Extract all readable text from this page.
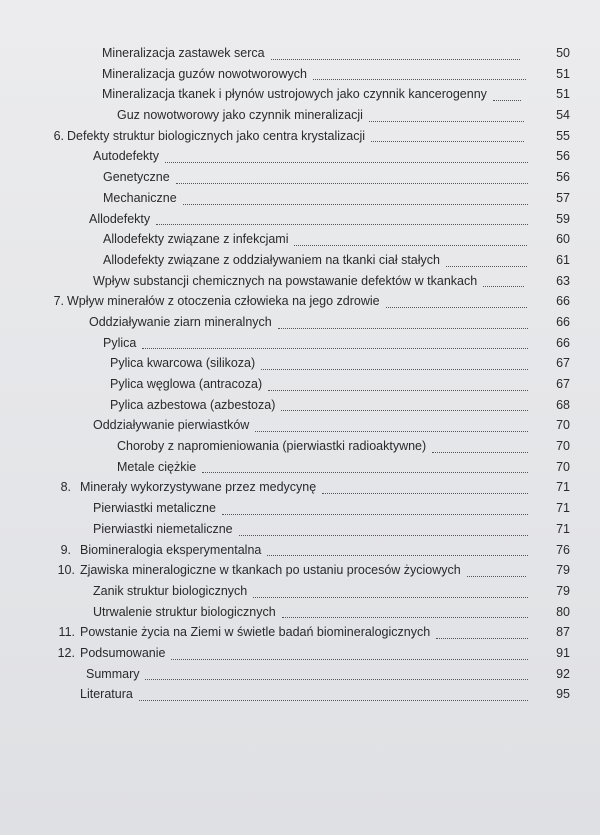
Mineralizacja zastawek serca	50
Mineralizacja guzów nowotworowych	51
Mineralizacja tkanek i płynów ustrojowych jako czynnik kancerogenny	51
Guz nowotworowy jako czynnik mineralizacji	54
6. Defekty struktur biologicznych jako centra krystalizacji	55
Autodefekty	56
Genetyczne	56
Mechaniczne	57
Allodefekty	59
Allodefekty związane z infekcjami	60
Allodefekty związane z oddziaływaniem na tkanki ciał stałych	61
Wpływ substancji chemicznych na powstawanie defektów w tkankach	63
7. Wpływ minerałów z otoczenia człowieka na jego zdrowie	66
Oddziaływanie ziarn mineralnych	66
Pylica	66
Pylica kwarcowa (silikoza)	67
Pylica węglowa (antracoza)	67
Pylica azbestowa (azbestoza)	68
Oddziaływanie pierwiastków	70
Choroby z napromieniowania (pierwiastki radioaktywne)	70
Metale ciężkie	70
8. Minerały wykorzystywane przez medycynę	71
Pierwiastki metaliczne	71
Pierwiastki niemetaliczne	71
9. Biomineralogia eksperymentalna	76
10. Zjawiska mineralogiczne w tkankach po ustaniu procesów życiowych	79
Zanik struktur biologicznych	79
Utrwalenie struktur biologicznych	80
11. Powstanie życia na Ziemi w świetle badań biomineralogicznych	87
12. Podsumowanie	91
Summary	92
Literatura	95
